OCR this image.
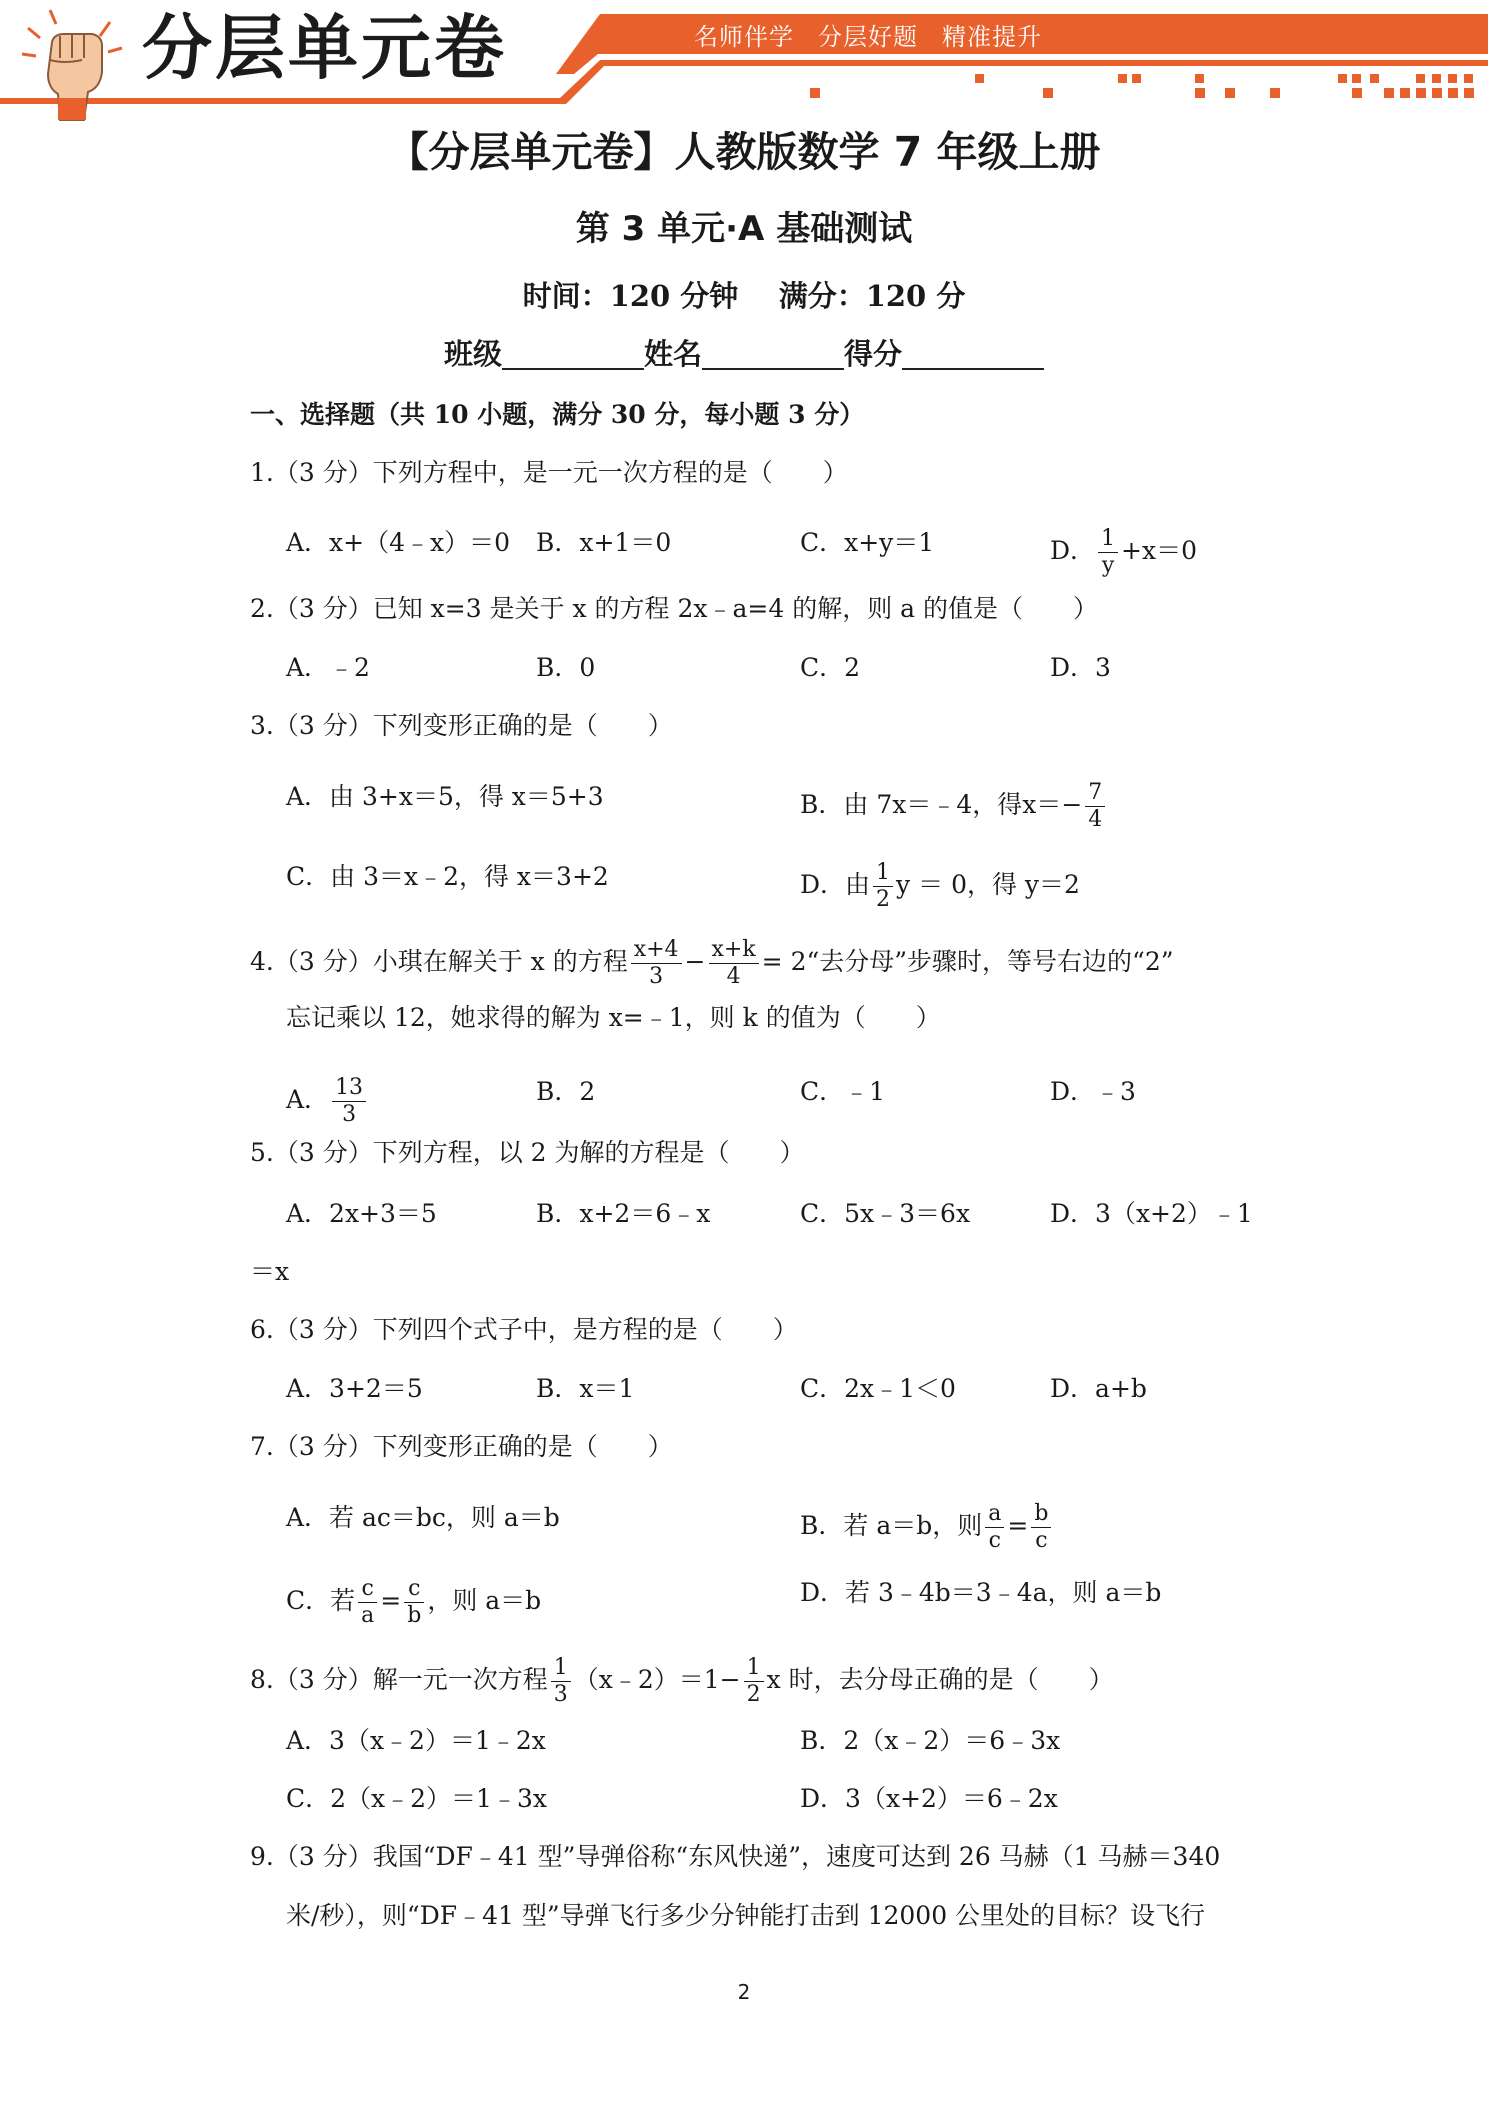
分层单元卷	名师伴学 分层好题 精准提升
【分层单元卷】人教版数学 7 年级上册
第 3 单元·A 基础测试
时间：120 分钟    满分：120 分
班级	姓名	得分
一、选择题（共 10 小题，满分 30 分，每小题 3 分）
1.（3 分）下列方程中，是一元一次方程的是（　　）
A．x+（4﹣x）＝0 B．x+1＝0	C．x+y＝1	D． $\frac{1}{y} +x=0$
2.（3 分）已知 x=3 是关于 x 的方程 2x﹣a=4 的解，则 a 的值是（　　）
A．﹣2	B．0	C．2	D．3
3.（3 分）下列变形正确的是（　　）
A．由 3+x＝5，得 x＝5+3	B．由 7x＝﹣4，得$x=- \frac{7}{4}$
C．由 3＝x﹣2，得 x＝3+2	D．由 $\frac{1}{2}$ y ＝ 0，得 y＝2
4.（3 分）小琪在解关于 x 的方程 $\frac{x+4}{3} - \frac{x+k}{4}$ = 2“去分母”步骤时，等号右边的“2”
忘记乘以 12，她求得的解为 x=﹣1，则 k 的值为（　　）
A． $\frac{13}{3}$	B．2	C．﹣1	D．﹣3
5.（3 分）下列方程，以 2 为解的方程是（　　）
A．2x+3＝5	B．x+2＝6﹣x	C．5x﹣3＝6x	D．3（x+2）﹣1
＝x
6.（3 分）下列四个式子中，是方程的是（　　）
A．3+2＝5	B．x＝1	C．2x﹣1＜0	D．a+b
7.（3 分）下列变形正确的是（　　）
A．若 ac＝bc，则 a＝b	B．若 a＝b，则 $\frac{a}{c} = \frac{b}{c}$
C．若 $\frac{c}{a} = \frac{c}{b}$ ，则 a＝b	D．若 3﹣4b＝3﹣4a，则 a＝b
8.（3 分）解一元一次方程 $\frac{1}{3}$ （x﹣2）＝1− $\frac{1}{2}$ x 时，去分母正确的是（　　）
A．3（x﹣2）＝1﹣2x	B．2（x﹣2）＝6﹣3x
C．2（x﹣2）＝1﹣3x	D．3（x+2）＝6﹣2x
9.（3 分）我国“DF﹣41 型”导弹俗称“东风快递”，速度可达到 26 马赫（1 马赫＝340
米/秒），则“DF﹣41 型”导弹飞行多少分钟能打击到 12000 公里处的目标？设飞行
2
